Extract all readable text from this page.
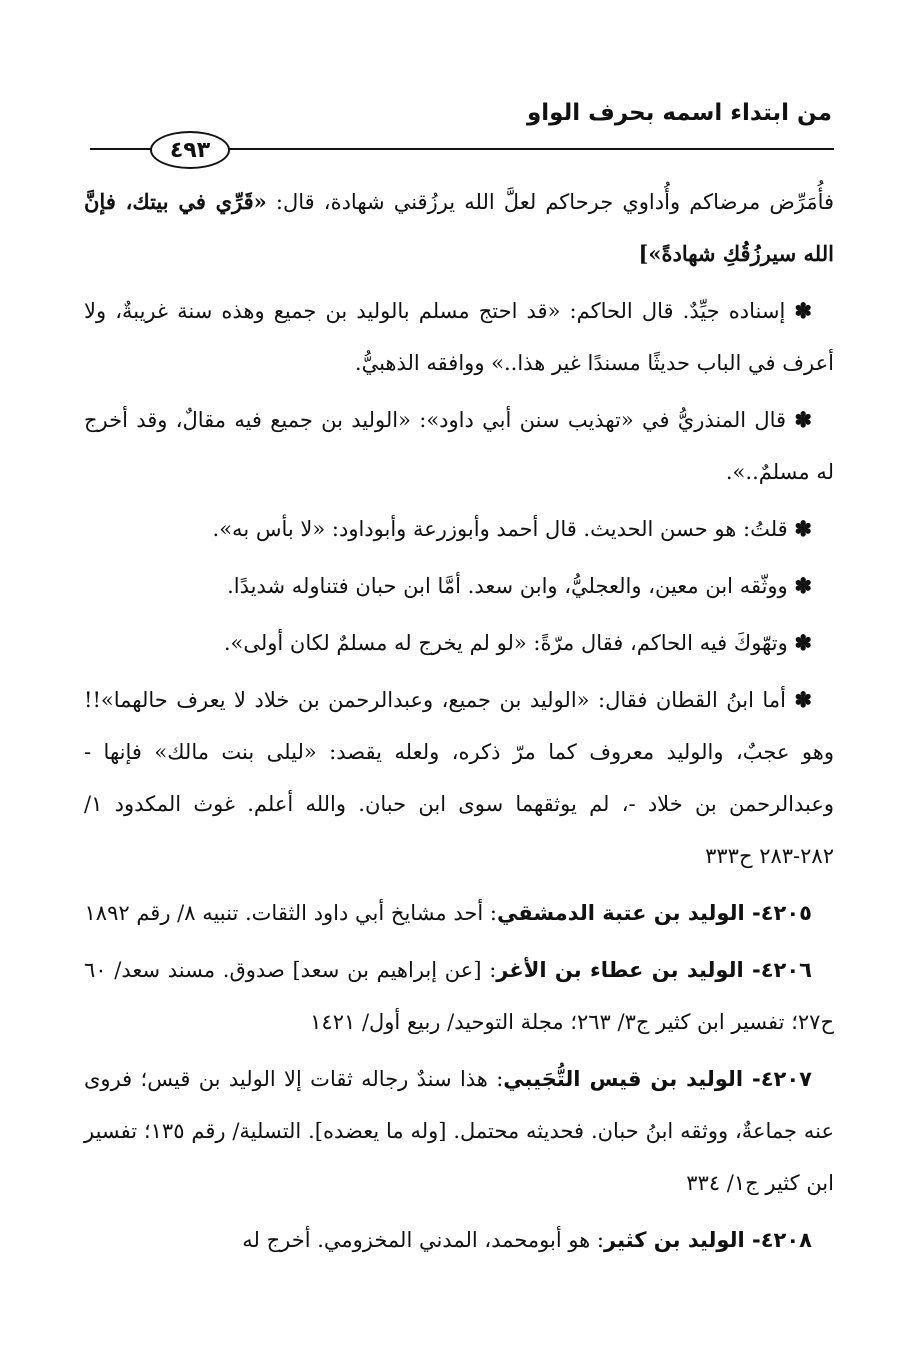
من ابتداء اسمه بحرف الواو
٤٩٣

فأُمَرِّض مرضاكم وأُداوي جرحاكم لعلَّ الله يرزُقني شهادة، قال: «قَرِّي في بيتك، فإنَّ الله سيرزُقُكِ شهادةً»]

✽ إسناده جيِّدٌ. قال الحاكم: «قد احتج مسلم بالوليد بن جميع وهذه سنة غريبةٌ، ولا أعرف في الباب حديثًا مسندًا غير هذا..» ووافقه الذهبيُّ.

✽ قال المنذريُّ في «تهذيب سنن أبي داود»: «الوليد بن جميع فيه مقالٌ، وقد أخرج له مسلمٌ..».

✽ قلتُ: هو حسن الحديث. قال أحمد وأبوزرعة وأبوداود: «لا بأس به».

✽ ووثّقه ابن معين، والعجليُّ، وابن سعد. أمَّا ابن حبان فتناوله شديدًا.

✽ وتهّوكَ فيه الحاكم، فقال مرّةً: «لو لم يخرج له مسلمٌ لكان أولى».

✽ أما ابنُ القطان فقال: «الوليد بن جميع، وعبدالرحمن بن خلاد لا يعرف حالهما»!! وهو عجبٌ، والوليد معروف كما مرّ ذكره، ولعله يقصد: «ليلى بنت مالك» فإنها - وعبدالرحمن بن خلاد -، لم يوثقهما سوى ابن حبان. والله أعلم. غوث المكدود ١/ ٢٨٢-٢٨٣ ح٣٣٣

٤٢٠٥- الوليد بن عتبة الدمشقي: أحد مشايخ أبي داود الثقات. تنبيه ٨/ رقم ١٨٩٢

٤٢٠٦- الوليد بن عطاء بن الأغر: [عن إبراهيم بن سعد] صدوق. مسند سعد/ ٦٠ ح٢٧؛ تفسير ابن كثير ج٣/ ٢٦٣؛ مجلة التوحيد/ ربيع أول/ ١٤٢١

٤٢٠٧- الوليد بن قيس التُّجَيبي: هذا سندٌ رجاله ثقات إلا الوليد بن قيس؛ فروى عنه جماعةٌ، ووثقه ابنُ حبان. فحديثه محتمل. [وله ما يعضده]. التسلية/ رقم ١٣٥؛ تفسير ابن كثير ج١/ ٣٣٤

٤٢٠٨- الوليد بن كثير: هو أبومحمد، المدني المخزومي. أخرج له
